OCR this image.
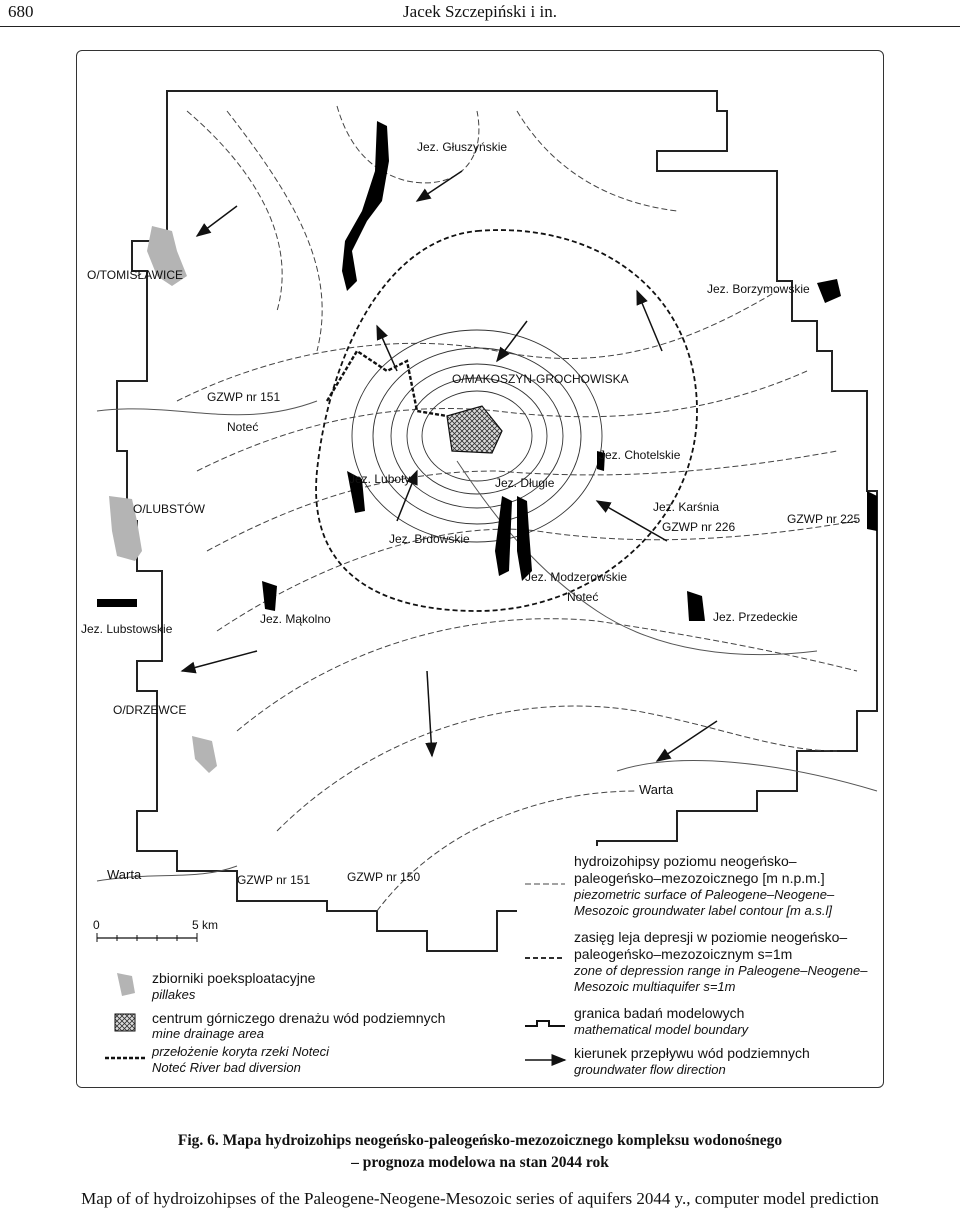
680	Jacek Szczepiński i in.
Jez. Głuszyńskie
O/TOMISŁAWICE
Jez. Borzymowskie
O/MAKOSZYN-GROCHOWISKA
GZWP nr 151
Noteć
Jez. Chotelskie
Jez. Lubotyn	Jez. Długie
Jez. Karśnia
O/LUBSTÓW
GZWP nr 226
GZWP nr 225
Jez. Brdowskie
Jez. Modzerowskie
Noteć
Jez. Lubstowskie
Jez. Mąkolno	Jez. Przedeckie
O/DRZEWCE
Warta
Warta	GZWP nr 151	GZWP nr 150
0	5 km
zbiorniki poeksploatacyjne
pillakes
centrum górniczego drenażu wód podziemnych
mine drainage area
przełożenie koryta rzeki Noteci
Noteć River bad diversion
hydroizohipsy poziomu neogeńsko–
paleogeńsko–mezozoicznego [m n.p.m.]
piezometric surface of Paleogene–Neogene–
Mesozoic groundwater label contour [m a.s.l]
zasięg leja depresji w poziomie neogeńsko–
paleogeńsko–mezozoicznym s=1m
zone of depression range in Paleogene–Neogene–
Mesozoic multiaquifer s=1m
granica badań modelowych
mathematical model boundary
kierunek przepływu wód podziemnych
groundwater flow direction
Fig. 6. Mapa hydroizohips neogeńsko-paleogeńsko-mezozoicznego kompleksu wodonośnego
– prognoza modelowa na stan 2044 rok
Map of of hydroizohipses of the Paleogene-Neogene-Mesozoic series of aquifers 2044 y., computer model prediction
